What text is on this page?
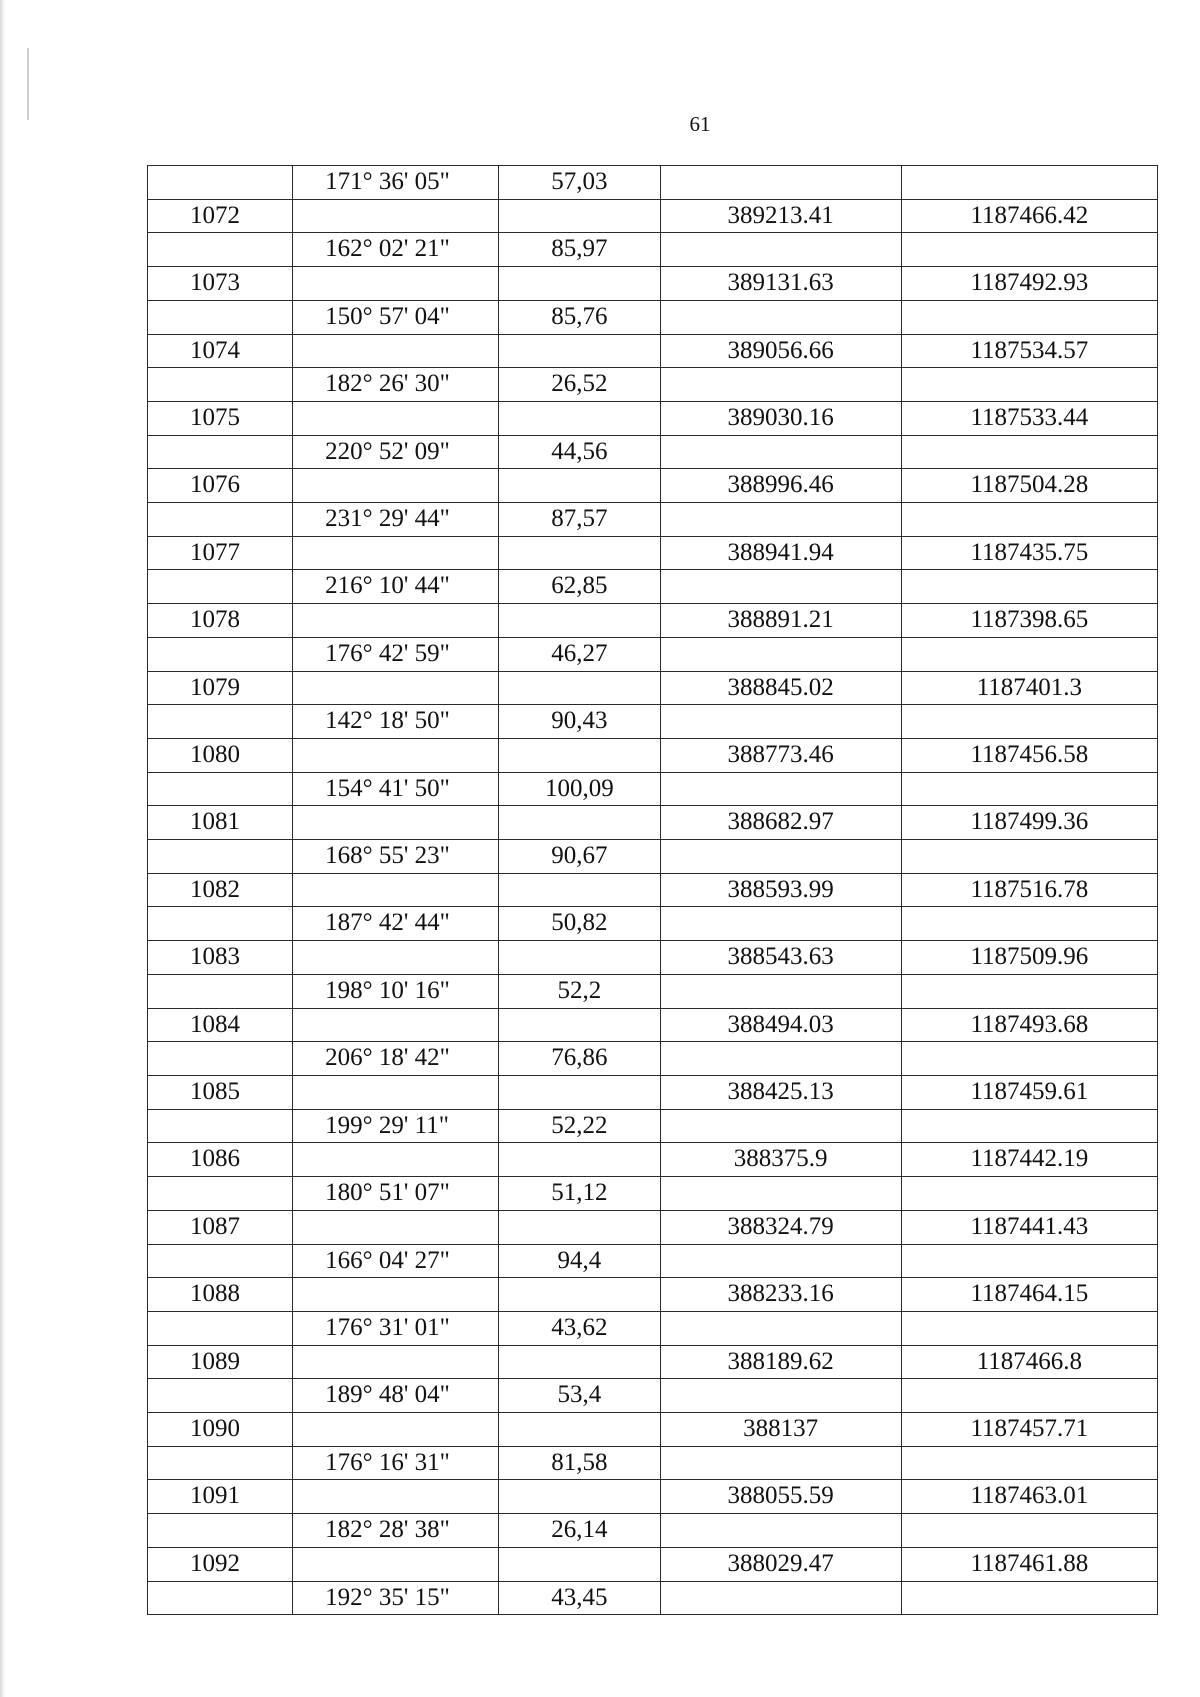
61
	171° 36' 05"	57,03		
1072			389213.41	1187466.42
	162° 02' 21"	85,97		
1073			389131.63	1187492.93
	150° 57' 04"	85,76		
1074			389056.66	1187534.57
	182° 26' 30"	26,52		
1075			389030.16	1187533.44
	220° 52' 09"	44,56		
1076			388996.46	1187504.28
	231° 29' 44"	87,57		
1077			388941.94	1187435.75
	216° 10' 44"	62,85		
1078			388891.21	1187398.65
	176° 42' 59"	46,27		
1079			388845.02	1187401.3
	142° 18' 50"	90,43		
1080			388773.46	1187456.58
	154° 41' 50"	100,09		
1081			388682.97	1187499.36
	168° 55' 23"	90,67		
1082			388593.99	1187516.78
	187° 42' 44"	50,82		
1083			388543.63	1187509.96
	198° 10' 16"	52,2		
1084			388494.03	1187493.68
	206° 18' 42"	76,86		
1085			388425.13	1187459.61
	199° 29' 11"	52,22		
1086			388375.9	1187442.19
	180° 51' 07"	51,12		
1087			388324.79	1187441.43
	166° 04' 27"	94,4		
1088			388233.16	1187464.15
	176° 31' 01"	43,62		
1089			388189.62	1187466.8
	189° 48' 04"	53,4		
1090			388137	1187457.71
	176° 16' 31"	81,58		
1091			388055.59	1187463.01
	182° 28' 38"	26,14		
1092			388029.47	1187461.88
	192° 35' 15"	43,45		
